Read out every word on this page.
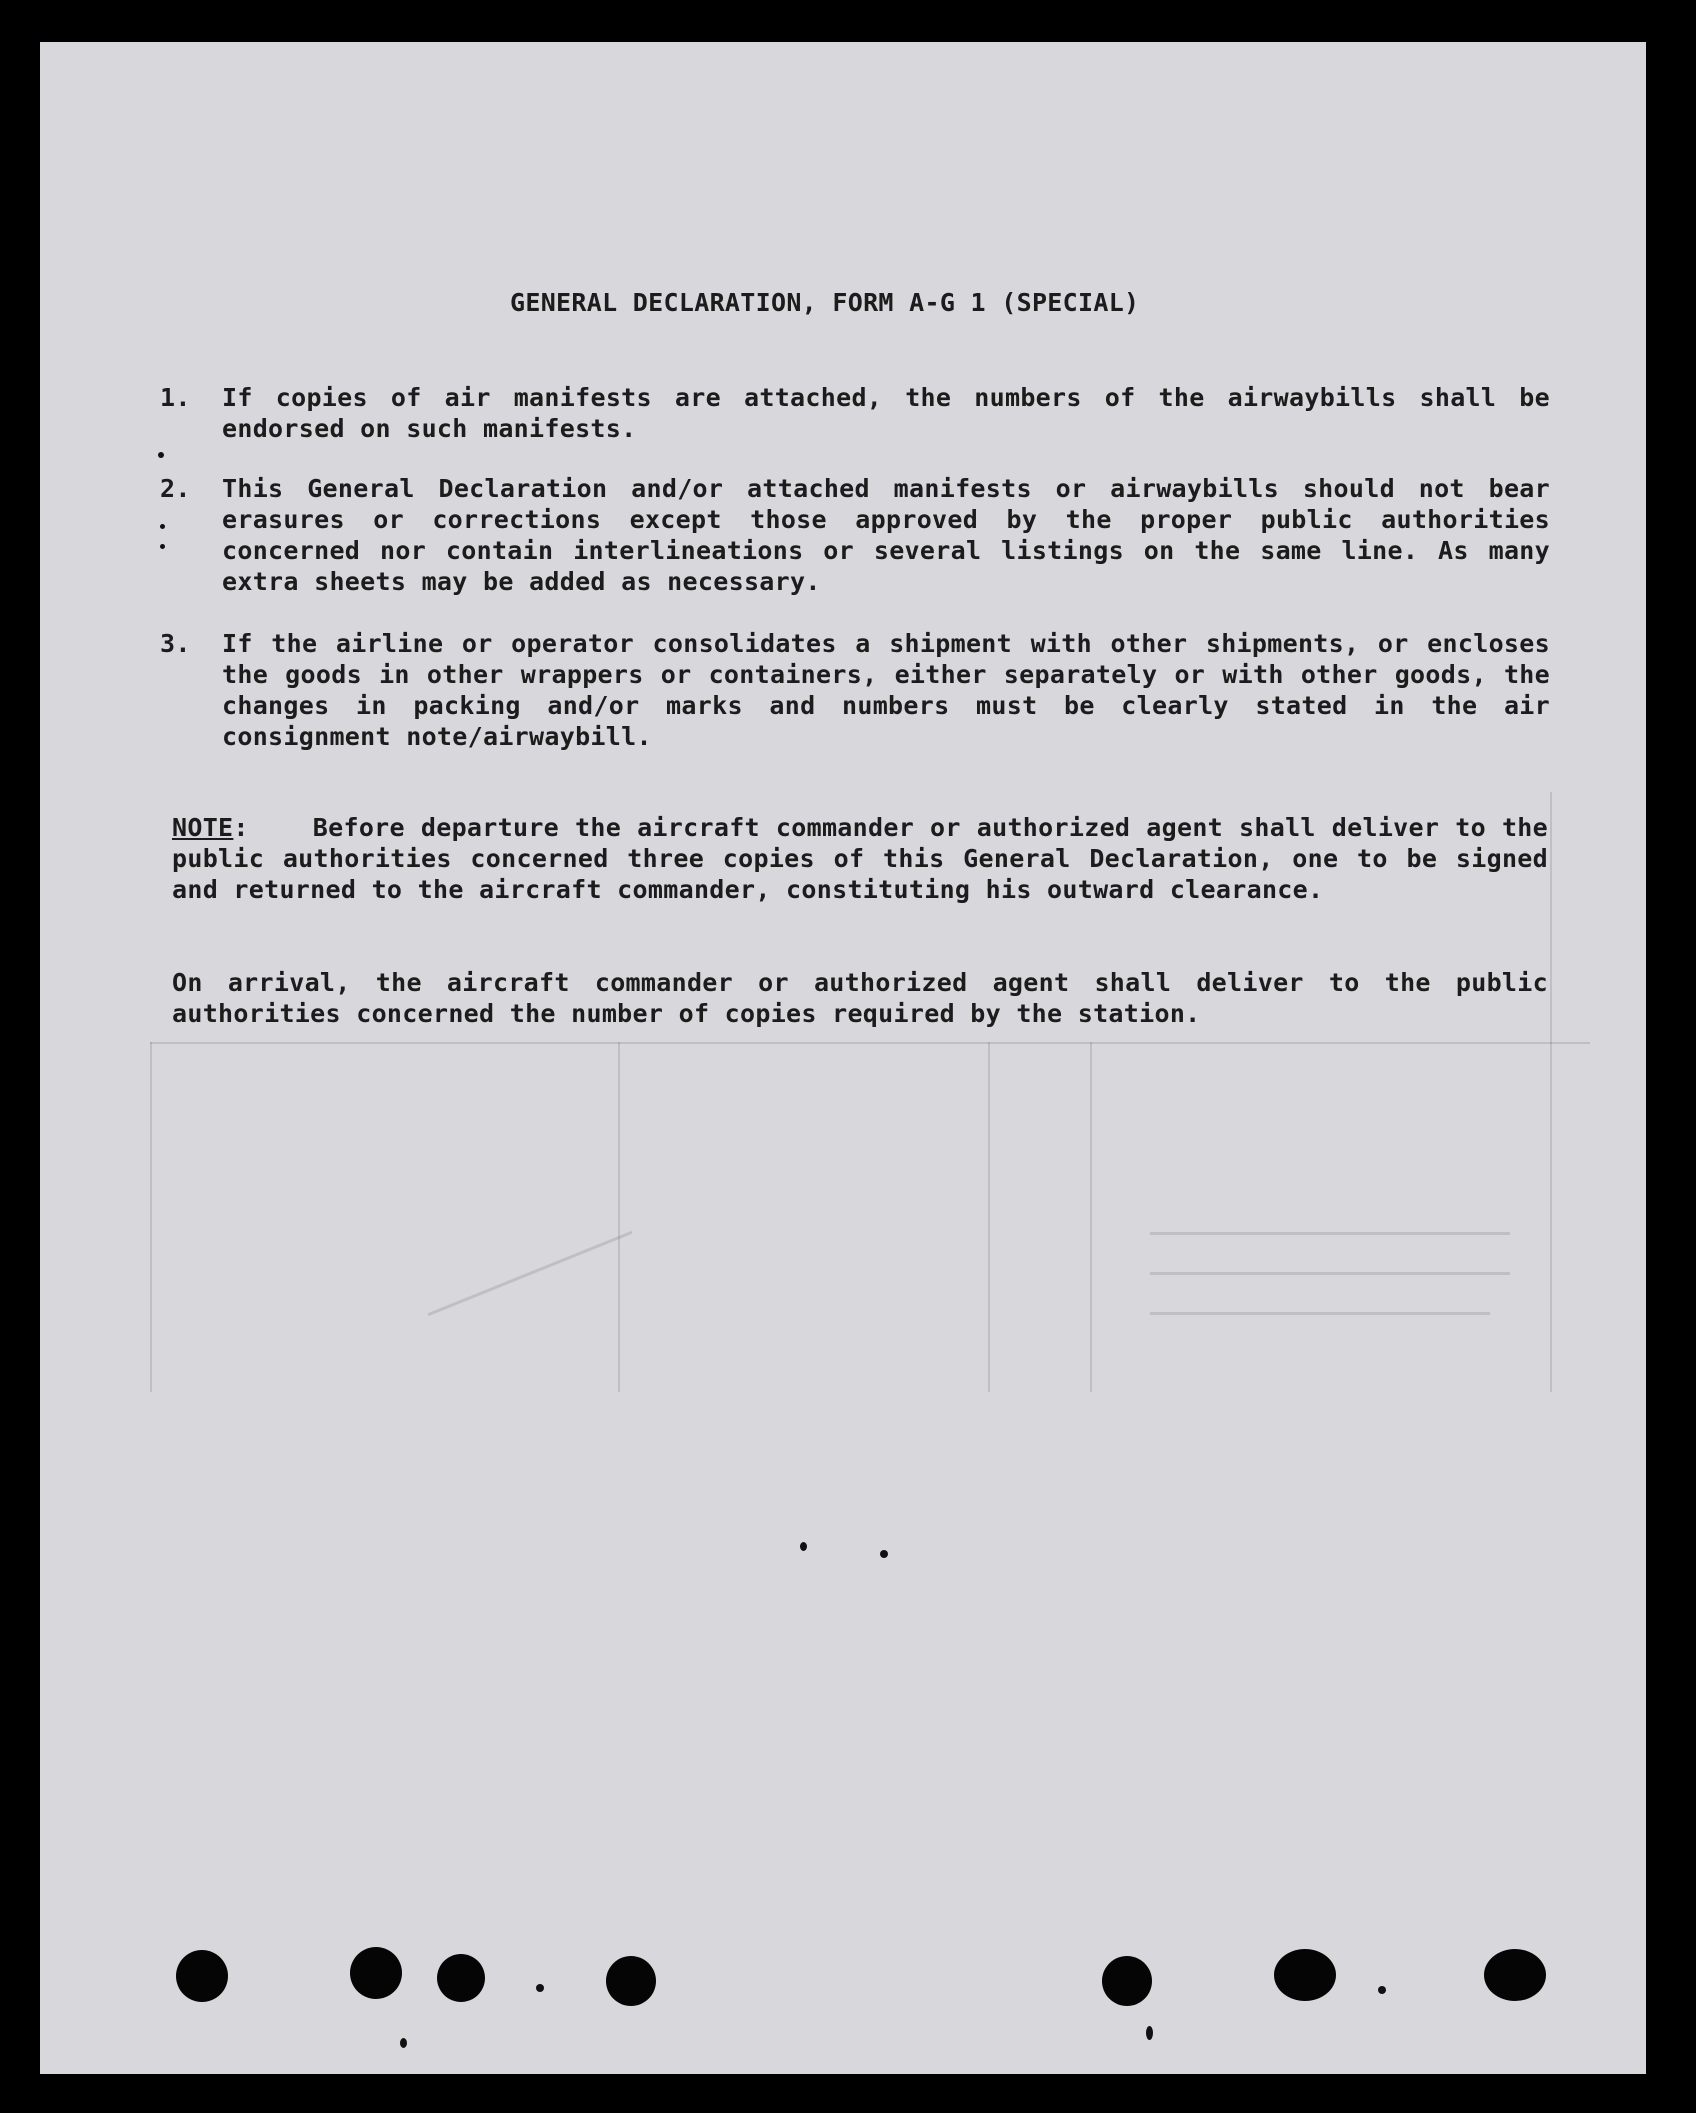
GENERAL DECLARATION, FORM A-G 1 (SPECIAL)
1.	If copies of air manifests are attached, the numbers of the airwaybills shall be endorsed on such manifests.
2.	This General Declaration and/or attached manifests or airwaybills should not bear erasures or corrections except those approved by the proper public authorities concerned nor contain interlineations or several listings on the same line. As many extra sheets may be added as necessary.
3.	If the airline or operator consolidates a shipment with other shipments, or encloses the goods in other wrappers or containers, either separately or with other goods, the changes in packing and/or marks and numbers must be clearly stated in the air consignment note/airwaybill.
NOTE:    Before departure the aircraft commander or authorized agent shall deliver to the public authorities concerned three copies of this General Declaration, one to be signed and returned to the aircraft commander, constituting his outward clearance.
On arrival, the aircraft commander or authorized agent shall deliver to the public authorities concerned the number of copies required by the station.
